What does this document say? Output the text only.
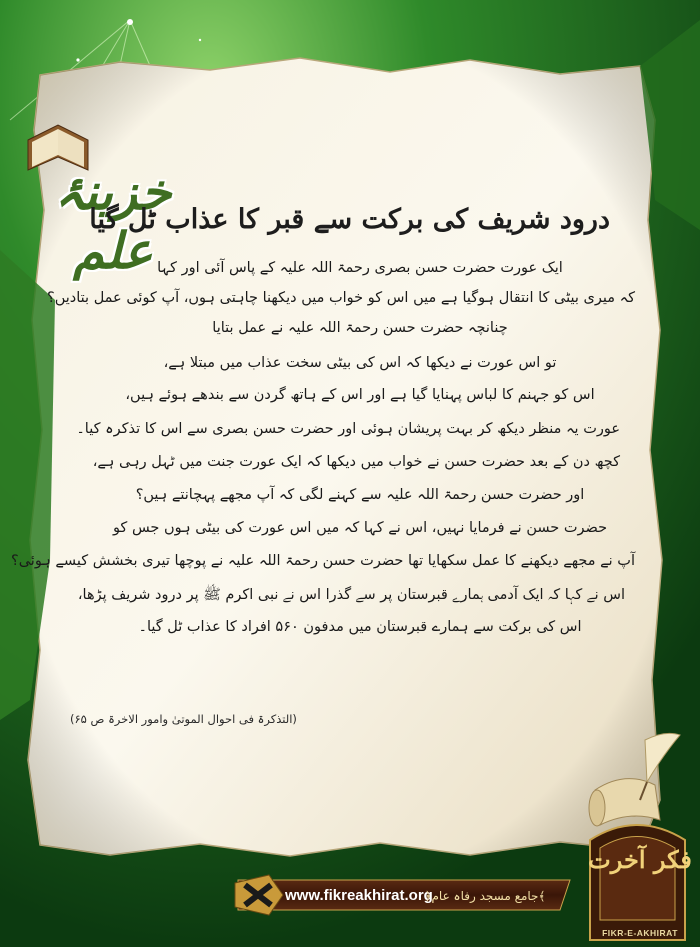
خزینۂ علم
درود شریف کی برکت سے قبر کا عذاب ٹل گیا
ایک عورت حضرت حسن بصری رحمۃ اللہ علیہ کے پاس آئی اور کہا
کہ میری بیٹی کا انتقال ہوگیا ہے میں اس کو خواب میں دیکھنا چاہتی ہوں، آپ کوئی عمل بتادیں؟
چنانچہ حضرت حسن رحمۃ اللہ علیہ نے عمل بتایا
تو اس عورت نے دیکھا کہ اس کی بیٹی سخت عذاب میں مبتلا ہے،
اس کو جہنم کا لباس پہنایا گیا ہے اور اس کے ہاتھ گردن سے بندھے ہوئے ہیں،
عورت یہ منظر دیکھ کر بہت پریشان ہوئی اور حضرت حسن بصری سے اس کا تذکرہ کیا۔
کچھ دن کے بعد حضرت حسن نے خواب میں دیکھا کہ ایک عورت جنت میں ٹہل رہی ہے،
اور حضرت حسن رحمۃ اللہ علیہ سے کہنے لگی کہ آپ مجھے پہچانتے ہیں؟
حضرت حسن نے فرمایا نہیں، اس نے کہا کہ میں اس عورت کی بیٹی ہوں جس کو
آپ نے مجھے دیکھنے کا عمل سکھایا تھا حضرت حسن رحمۃ اللہ علیہ نے پوچھا تیری بخشش کیسے ہوئی؟
اس نے کہا کہ ایک آدمی ہمارے قبرستان پر سے گذرا اس نے نبی اکرم ﷺ پر درود شریف پڑھا،
اس کی برکت سے ہمارے قبرستان میں مدفون ۵۶۰ افراد کا عذاب ٹل گیا۔
(التذکرۃ فی احوال الموتیٰ وامور الاخرۃ ص ۶۵)
www.fikreakhirat.org
﴾جامع مسجد رفاہ عام﴿
فکر آخرت
FIKR-E-AKHIRAT
